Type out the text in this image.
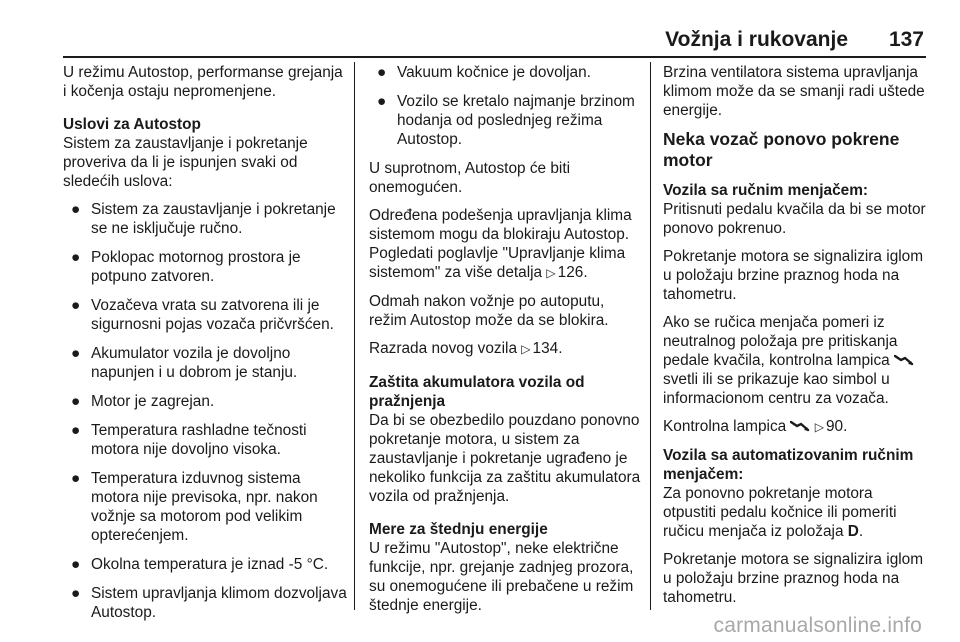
Vožnja i rukovanje 137

U režimu Autostop, performanse grejanja i kočenja ostaju nepromenjene.

Uslovi za Autostop

Sistem za zaustavljanje i pokretanje proveriva da li je ispunjen svaki od sledećih uslova:

● Sistem za zaustavljanje i pokretanje se ne isključuje ručno.
● Poklopac motornog prostora je potpuno zatvoren.
● Vozačeva vrata su zatvorena ili je sigurnosni pojas vozača pričvršćen.
● Akumulator vozila je dovoljno napunjen i u dobrom je stanju.
● Motor je zagrejan.
● Temperatura rashladne tečnosti motora nije dovoljno visoka.
● Temperatura izduvnog sistema motora nije previsoka, npr. nakon vožnje sa motorom pod velikim opterećenjem.
● Okolna temperatura je iznad -5 °C.
● Sistem upravljanja klimom dozvoljava Autostop.
● Vakuum kočnice je dovoljan.
● Vozilo se kretalo najmanje brzinom hodanja od poslednjeg režima Autostop.

U suprotnom, Autostop će biti onemogućen.

Određena podešenja upravljanja klima sistemom mogu da blokiraju Autostop. Pogledati poglavlje "Upravljanje klima sistemom" za više detalja ▷ 126.

Odmah nakon vožnje po autoputu, režim Autostop može da se blokira.

Razrada novog vozila ▷ 134.

Zaštita akumulatora vozila od pražnjenja

Da bi se obezbedilo pouzdano ponovno pokretanje motora, u sistem za zaustavljanje i pokretanje ugrađeno je nekoliko funkcija za zaštitu akumulatora vozila od pražnjenja.

Mere za štednju energije

U režimu "Autostop", neke električne funkcije, npr. grejanje zadnjeg prozora, su onemogućene ili prebačene u režim štednje energije.

Brzina ventilatora sistema upravljanja klimom može da se smanji radi uštede energije.

Neka vozač ponovo pokrene motor
Vozila sa ručnim menjačem:

Pritisnuti pedalu kvačila da bi se motor ponovo pokrenuo.

Pokretanje motora se signalizira iglom u položaju brzine praznog hoda na tahometru.

Ako se ručica menjača pomeri iz neutralnog položaja pre pritiskanja pedale kvačila, kontrolna lampica  svetli ili se prikazuje kao simbol u informacionom centru za vozača.

Kontrolna lampica ▷ 90.

Vozila sa automatizovanim ručnim menjačem:

Za ponovno pokretanje motora otpustiti pedalu kočnice ili pomeriti ručicu menjača iz položaja D.

Pokretanje motora se signalizira iglom u položaju brzine praznog hoda na tahometru.

carmanualsonline.info
